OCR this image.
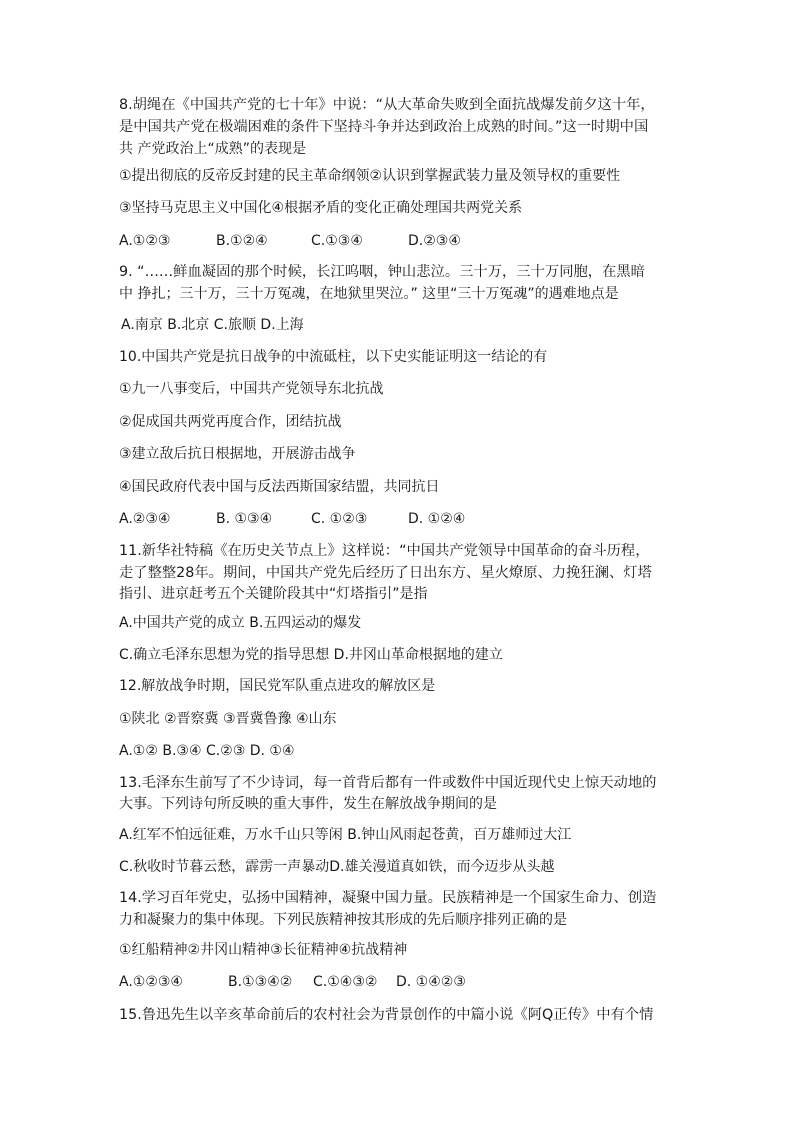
8.胡绳在《中国共产党的七十年》中说：“从大革命失败到全面抗战爆发前夕这十年，
是中国共产党在极端困难的条件下坚持斗争并达到政治上成熟的时间。”这一时期中国
共 产党政治上“成熟”的表现是
①提出彻底的反帝反封建的民主革命纲领②认识到掌握武装力量及领导权的重要性
③坚持马克思主义中国化④根据矛盾的变化正确处理国共两党关系
A.①②③	B.①②④	C.①③④	D.②③④
9. “……鲜血凝固的那个时候，长江呜咽，钟山悲泣。三十万，三十万同胞，在黑暗
中 挣扎；三十万，三十万冤魂，在地狱里哭泣。” 这里“三十万冤魂”的遇难地点是
A.南京 B.北京 C.旅顺 D.上海
10.中国共产党是抗日战争的中流砥柱，以下史实能证明这一结论的有
①九一八事变后，中国共产党领导东北抗战
②促成国共两党再度合作，团结抗战
③建立敌后抗日根据地，开展游击战争
④国民政府代表中国与反法西斯国家结盟，共同抗日
A.②③④	B. ①③④	C. ①②③	D. ①②④
11.新华社特稿《在历史关节点上》这样说：“中国共产党领导中国革命的奋斗历程，
走了整整28年。期间，中国共产党先后经历了日出东方、星火燎原、力挽狂澜、灯塔
指引、进京赶考五个关键阶段其中“灯塔指引”是指
A.中国共产党的成立 B.五四运动的爆发
C.确立毛泽东思想为党的指导思想 D.井冈山革命根据地的建立
12.解放战争时期，国民党军队重点进攻的解放区是
①陕北 ②晋察冀 ③晋冀鲁豫 ④山东
A.①② B.③④ C.②③ D. ①④
13.毛泽东生前写了不少诗词，每一首背后都有一件或数件中国近现代史上惊天动地的
大事。下列诗句所反映的重大事件，发生在解放战争期间的是
A.红军不怕远征难，万水千山只等闲 B.钟山风雨起苍黄，百万雄师过大江
C.秋收时节暮云愁，霹雳一声暴动D.雄关漫道真如铁，而今迈步从头越
14.学习百年党史，弘扬中国精神，凝聚中国力量。民族精神是一个国家生命力、创造
力和凝聚力的集中体现。下列民族精神按其形成的先后顺序排列正确的是
①红船精神②井冈山精神③长征精神④抗战精神
A.①②③④	B.①③④② C.①④③② D. ①④②③
15.鲁迅先生以辛亥革命前后的农村社会为背景创作的中篇小说《阿Q正传》中有个情
